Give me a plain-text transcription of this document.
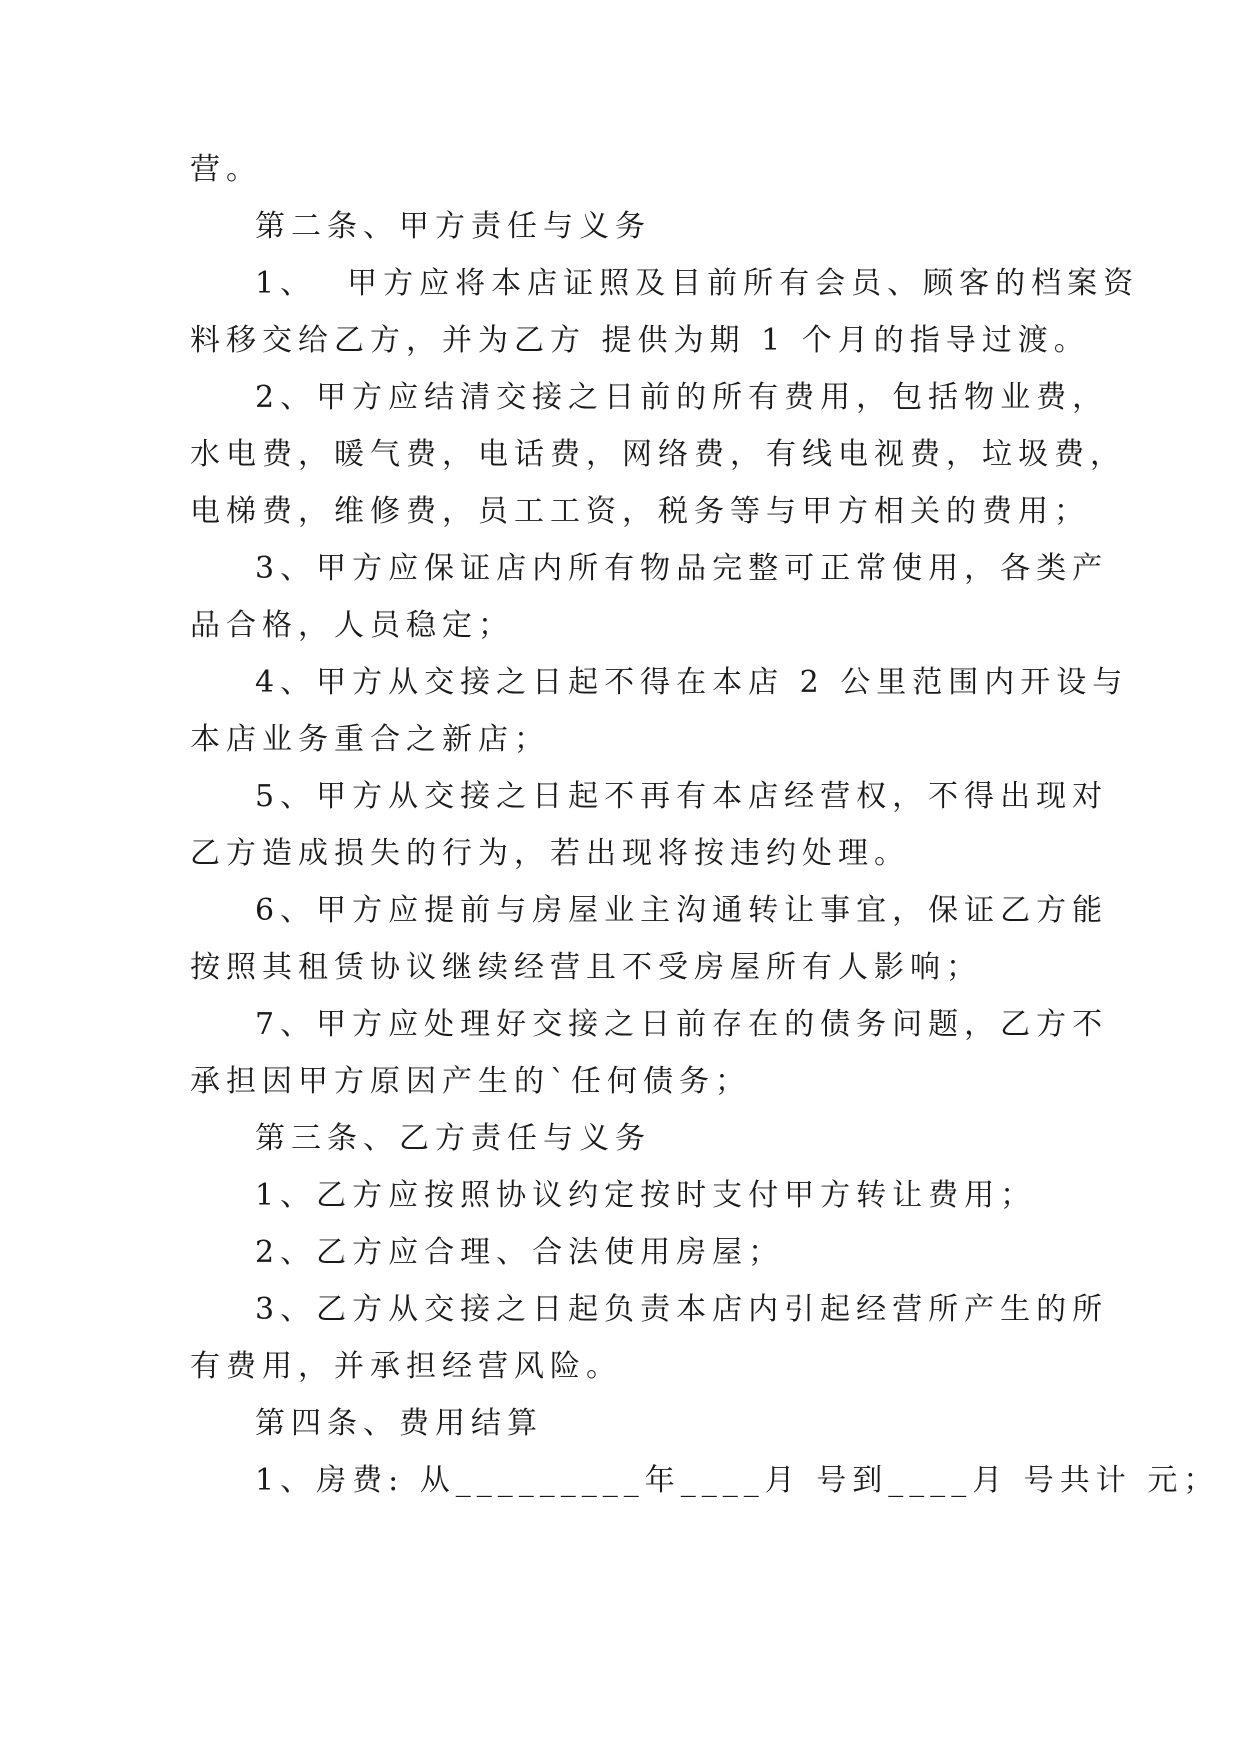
营。
第二条、甲方责任与义务
1、  甲方应将本店证照及目前所有会员、顾客的档案资
料移交给乙方，并为乙方 提供为期 1 个月的指导过渡。
2、甲方应结清交接之日前的所有费用，包括物业费，
水电费，暖气费，电话费，网络费，有线电视费，垃圾费，
电梯费，维修费，员工工资，税务等与甲方相关的费用；
3、甲方应保证店内所有物品完整可正常使用，各类产
品合格，人员稳定；
4、甲方从交接之日起不得在本店 2 公里范围内开设与
本店业务重合之新店；
5、甲方从交接之日起不再有本店经营权，不得出现对
乙方造成损失的行为，若出现将按违约处理。
6、甲方应提前与房屋业主沟通转让事宜，保证乙方能
按照其租赁协议继续经营且不受房屋所有人影响；
7、甲方应处理好交接之日前存在的债务问题，乙方不
承担因甲方原因产生的`任何债务；
第三条、乙方责任与义务
1、乙方应按照协议约定按时支付甲方转让费用；
2、乙方应合理、合法使用房屋；
3、乙方从交接之日起负责本店内引起经营所产生的所
有费用，并承担经营风险。
第四条、费用结算
1、房费: 从_________年____月 号到____月 号共计 元；
